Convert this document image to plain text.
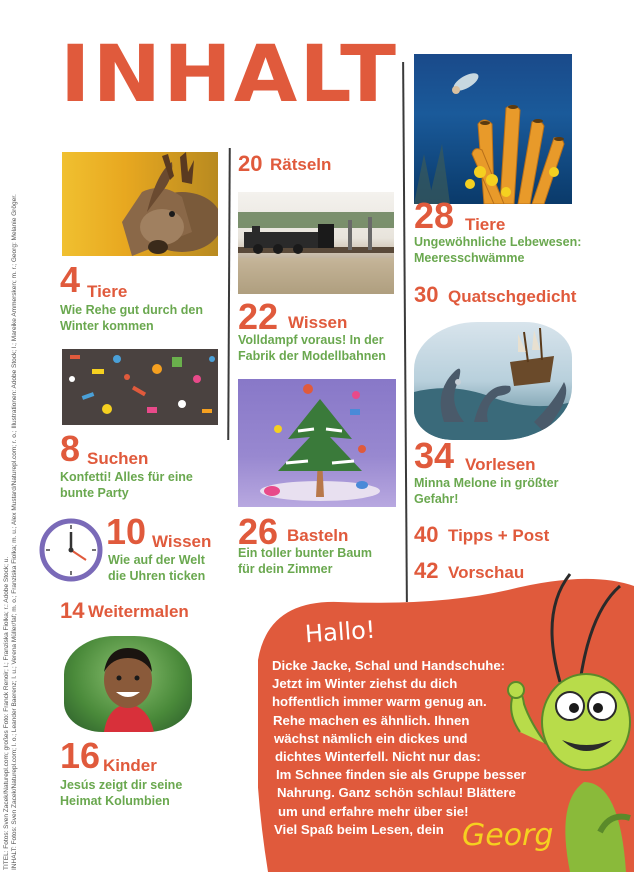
TITEL: Fotos: Sven Zacek/Naturepl.com; großes Foto: Franck Renoir; l.; Franziska Fiolka; r.: Adobe Stock; u. INHALT: Fotos: Sven Zacek/Naturepl.com; l. o.; Leander Baerenz; l. u.; Verena Müller/faf; m. o.; Franziska Fiolka; m. u.; Alex Mustard/Naturepl.com; r. o.; Illustrationen: Adobe Stock; l.; Mareike Ammersken; m. r.; Georg: Melanie Gröger.
INHALT
4 Tiere
Wie Rehe gut durch den
Winter kommen
8 Suchen
Konfetti! Alles für eine
bunte Party
10 Wissen
Wie auf der Welt
die Uhren ticken
14 Weitermalen
16 Kinder
Jesús zeigt dir seine
Heimat Kolumbien
20 Rätseln
22 Wissen
Volldampf voraus! In der
Fabrik der Modellbahnen
26 Basteln
Ein toller bunter Baum
für dein Zimmer
28 Tiere
Ungewöhnliche Lebewesen:
Meeresschwämme
30 Quatschgedicht
34 Vorlesen
Minna Melone in größter
Gefahr!
40 Tipps + Post
42 Vorschau
Hallo!
Dicke Jacke, Schal und Handschuhe:
Jetzt im Winter ziehst du dich
hoffentlich immer warm genug an.
Rehe machen es ähnlich. Ihnen
wächst nämlich ein dickes und
dichtes Winterfell. Nicht nur das:
Im Schnee finden sie als Gruppe besser
Nahrung. Ganz schön schlau! Blättere
um und erfahre mehr über sie!
Viel Spaß beim Lesen, dein Georg
